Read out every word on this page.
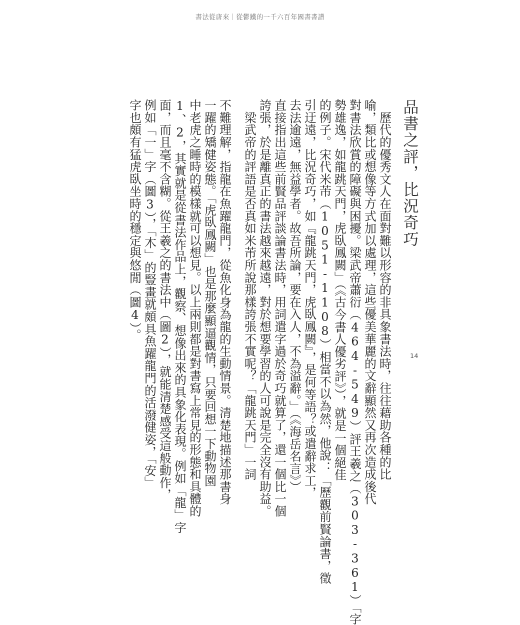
書法從唐來｜從鬱鐵的一千六百年國書書譜
品書之評，比況奇巧
　歷代的優秀文人在面對難以形容的非具象書法時，往往藉助各種的比
喻，類比或想像等方式加以處理，這些優美華麗的文辭顯然又再次造成後代
對書法欣賞的障礙與困擾。梁武帝蕭衍（464-549）評王羲之（303-361）「字
勢雄逸，如龍跳天門，虎臥鳳闕」（《古今書人優劣評》），就是一個絕佳
的例子。宋代米芾（1051-1108）相當不以為然，他說：「歷觀前賢論書，徵
引迂遠，比況奇巧，如『龍跳天門，虎臥鳳闕』，是何等語？或遣辭求工，
去法逾遠，無益學者。故吾所論，要在入人，不為溢辭。」（《海岳名言》）
直接指出這些前賢品評談論書法時，用詞遣字過於奇巧就算了，還一個比一個
誇張，於是離真正的書法越來越遠，對於想要學習的人可說是完全沒有助益。
　梁武帝的評語是否真如米芾所說那樣誇張不實呢？「龍跳天門」一詞
不難理解，指龍在魚躍龍門，從魚化身為龍的生動情景。清楚地描述那書身
一躍的矯健姿態。「虎臥鳳闕」也是那麼顯逼觀情，只要回想一下動物園
中老虎之睡時的模樣就可以想見。以上兩則都是對書寫上常見的形態和具體的
1、2，其實就是從書法作品上，觀察、想像出來的具象化表現。例如「龍」字
面，而且毫不含糊。從王羲之的書法中（圖2），就能清楚感受這般動作，
例如「一」字（圖3），「木」的豎畫就頗具魚躍龍門的活潑健姿，「安」
字也頗有猛虎臥坐時的穩定與悠閒（圖4）。
14
